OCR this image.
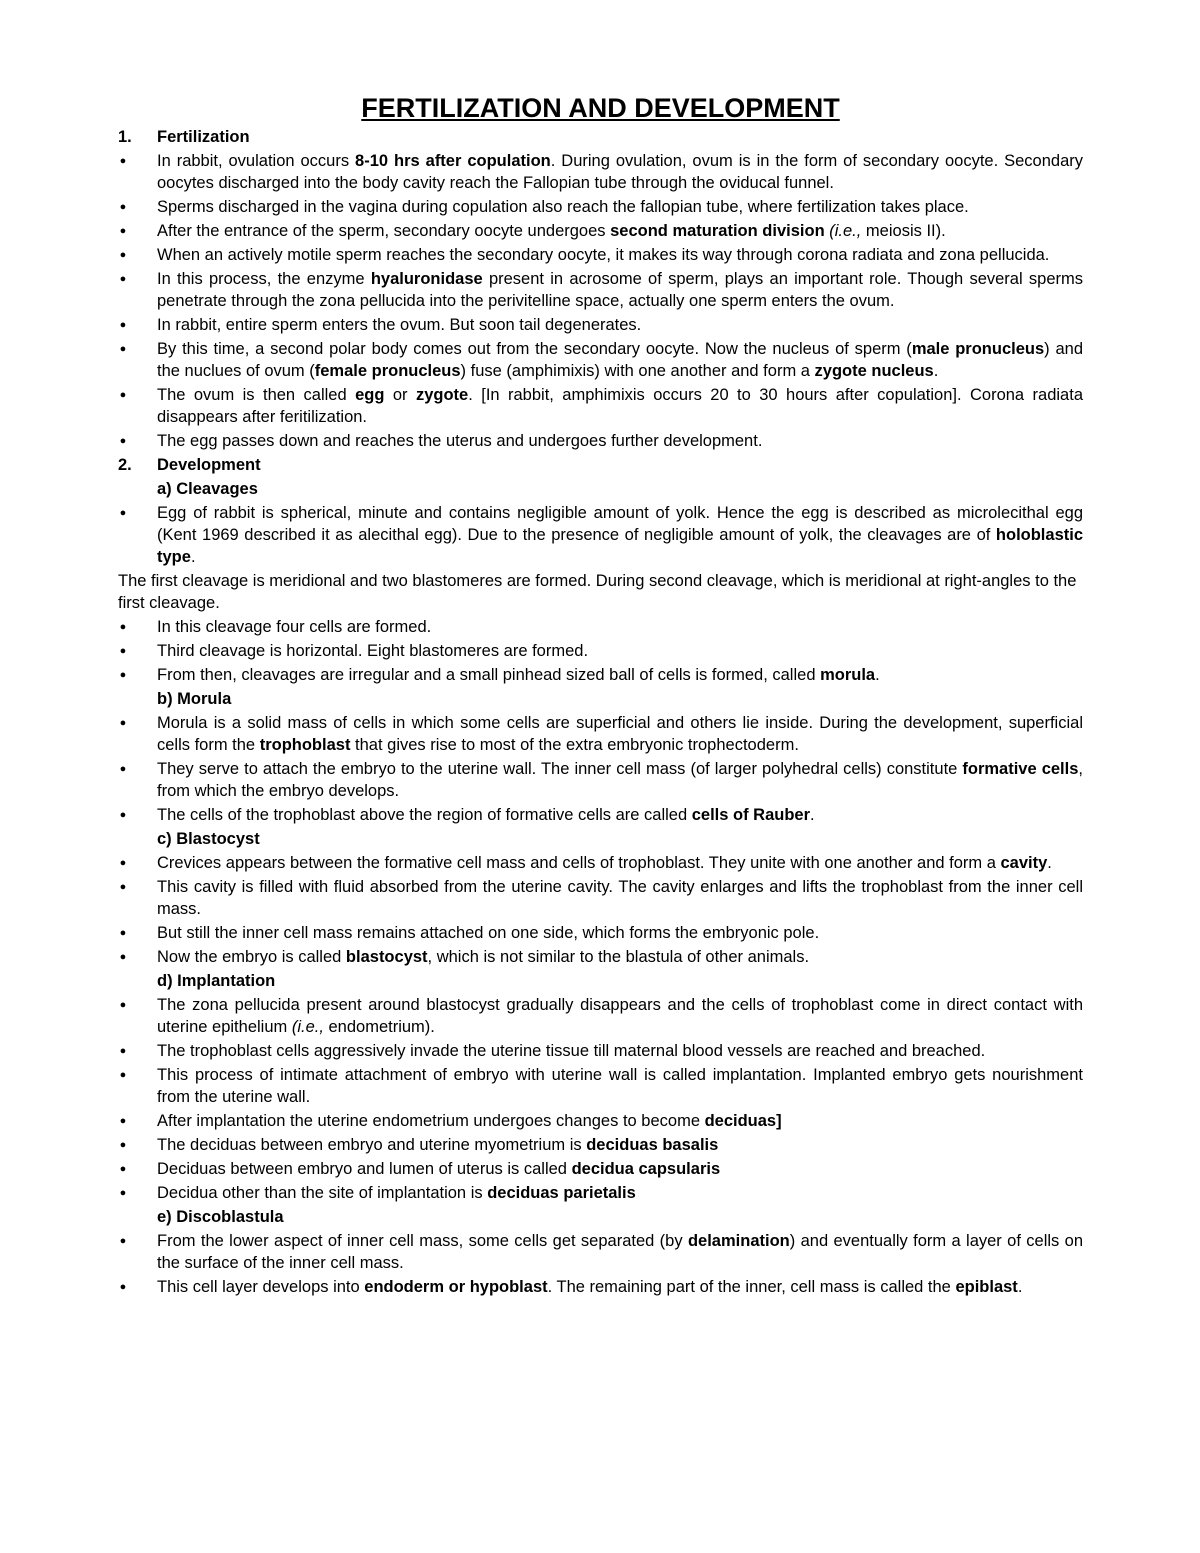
FERTILIZATION AND DEVELOPMENT
1. Fertilization
● In rabbit, ovulation occurs 8-10 hrs after copulation. During ovulation, ovum is in the form of secondary oocyte. Secondary oocytes discharged into the body cavity reach the Fallopian tube through the oviducal funnel.
● Sperms discharged in the vagina during copulation also reach the fallopian tube, where fertilization takes place.
● After the entrance of the sperm, secondary oocyte undergoes second maturation division (i.e., meiosis II).
● When an actively motile sperm reaches the secondary oocyte, it makes its way through corona radiata and zona pellucida.
● In this process, the enzyme hyaluronidase present in acrosome of sperm, plays an important role. Though several sperms penetrate through the zona pellucida into the perivitelline space, actually one sperm enters the ovum.
● In rabbit, entire sperm enters the ovum. But soon tail degenerates.
● By this time, a second polar body comes out from the secondary oocyte. Now the nucleus of sperm (male pronucleus) and the nuclues of ovum (female pronucleus) fuse (amphimixis) with one another and form a zygote nucleus.
● The ovum is then called egg or zygote. [In rabbit, amphimixis occurs 20 to 30 hours after copulation]. Corona radiata disappears after feritilization.
● The egg passes down and reaches the uterus and undergoes further development.
2. Development
a) Cleavages
● Egg of rabbit is spherical, minute and contains negligible amount of yolk. Hence the egg is described as microlecithal egg (Kent 1969 described it as alecithal egg). Due to the presence of negligible amount of yolk, the cleavages are of holoblastic type.
The first cleavage is meridional and two blastomeres are formed. During second cleavage, which is meridional at right-angles to the first cleavage.
● In this cleavage four cells are formed.
● Third cleavage is horizontal. Eight blastomeres are formed.
● From then, cleavages are irregular and a small pinhead sized ball of cells is formed, called morula.
b) Morula
● Morula is a solid mass of cells in which some cells are superficial and others lie inside. During the development, superficial cells form the trophoblast that gives rise to most of the extra embryonic trophectoderm.
● They serve to attach the embryo to the uterine wall. The inner cell mass (of larger polyhedral cells) constitute formative cells, from which the embryo develops.
● The cells of the trophoblast above the region of formative cells are called cells of Rauber.
c) Blastocyst
● Crevices appears between the formative cell mass and cells of trophoblast. They unite with one another and form a cavity.
● This cavity is filled with fluid absorbed from the uterine cavity. The cavity enlarges and lifts the trophoblast from the inner cell mass.
● But still the inner cell mass remains attached on one side, which forms the embryonic pole.
● Now the embryo is called blastocyst, which is not similar to the blastula of other animals.
d) Implantation
● The zona pellucida present around blastocyst gradually disappears and the cells of trophoblast come in direct contact with uterine epithelium (i.e., endometrium).
● The trophoblast cells aggressively invade the uterine tissue till maternal blood vessels are reached and breached.
● This process of intimate attachment of embryo with uterine wall is called implantation. Implanted embryo gets nourishment from the uterine wall.
● After implantation the uterine endometrium undergoes changes to become deciduas]
● The deciduas between embryo and uterine myometrium is deciduas basalis
● Deciduas between embryo and lumen of uterus is called decidua capsularis
● Decidua other than the site of implantation is deciduas parietalis
e) Discoblastula
● From the lower aspect of inner cell mass, some cells get separated (by delamination) and eventually form a layer of cells on the surface of the inner cell mass.
● This cell layer develops into endoderm or hypoblast. The remaining part of the inner, cell mass is called the epiblast.
